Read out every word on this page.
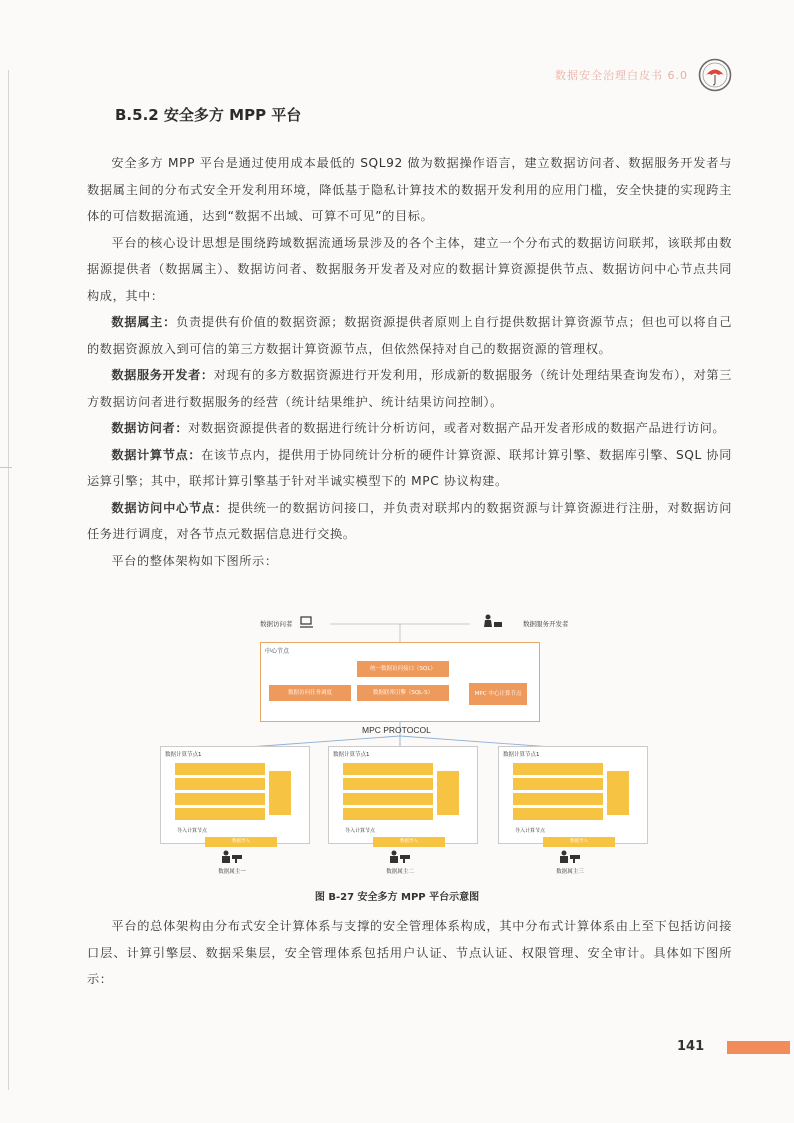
数据安全治理白皮书 6.0
B.5.2 安全多方 MPP 平台

安全多方 MPP 平台是通过使用成本最低的 SQL92 做为数据操作语言，建立数据访问者、数据服务开发者与数据属主间的分布式安全开发利用环境，降低基于隐私计算技术的数据开发利用的应用门槛，安全快捷的实现跨主体的可信数据流通，达到“数据不出域、可算不可见”的目标。

平台的核心设计思想是围绕跨域数据流通场景涉及的各个主体，建立一个分布式的数据访问联邦，该联邦由数据源提供者（数据属主）、数据访问者、数据服务开发者及对应的数据计算资源提供节点、数据访问中心节点共同构成，其中：

数据属主：负责提供有价值的数据资源；数据资源提供者原则上自行提供数据计算资源节点；但也可以将自己的数据资源放入到可信的第三方数据计算资源节点，但依然保持对自己的数据资源的管理权。

数据服务开发者：对现有的多方数据资源进行开发利用，形成新的数据服务（统计处理结果查询发布），对第三方数据访问者进行数据服务的经营（统计结果维护、统计结果访问控制）。

数据访问者：对数据资源提供者的数据进行统计分析访问，或者对数据产品开发者形成的数据产品进行访问。

数据计算节点：在该节点内，提供用于协同统计分析的硬件计算资源、联邦计算引擎、数据库引擎、SQL 协同运算引擎；其中，联邦计算引擎基于针对半诚实模型下的 MPC 协议构建。

数据访问中心节点：提供统一的数据访问接口，并负责对联邦内的数据资源与计算资源进行注册，对数据访问任务进行调度，对各节点元数据信息进行交换。

平台的整体架构如下图所示：

数据访问者	数据服务开发者
中心节点
统一数据访问接口（SQL）
数据访问任务调度	数据联邦引擎（SQL-S）	MPC 中心计算节点
MPC PROTOCOL
数据计算节点1
导入计算节点
数据导入
数据计算节点1
导入计算节点
数据导入
数据计算节点1
导入计算节点
数据导入
数据属主一	数据属主二	数据属主三
图 B-27 安全多方 MPP 平台示意图

平台的总体架构由分布式安全计算体系与支撑的安全管理体系构成，其中分布式计算体系由上至下包括访问接口层、计算引擎层、数据采集层，安全管理体系包括用户认证、节点认证、权限管理、安全审计。具体如下图所示：

141
